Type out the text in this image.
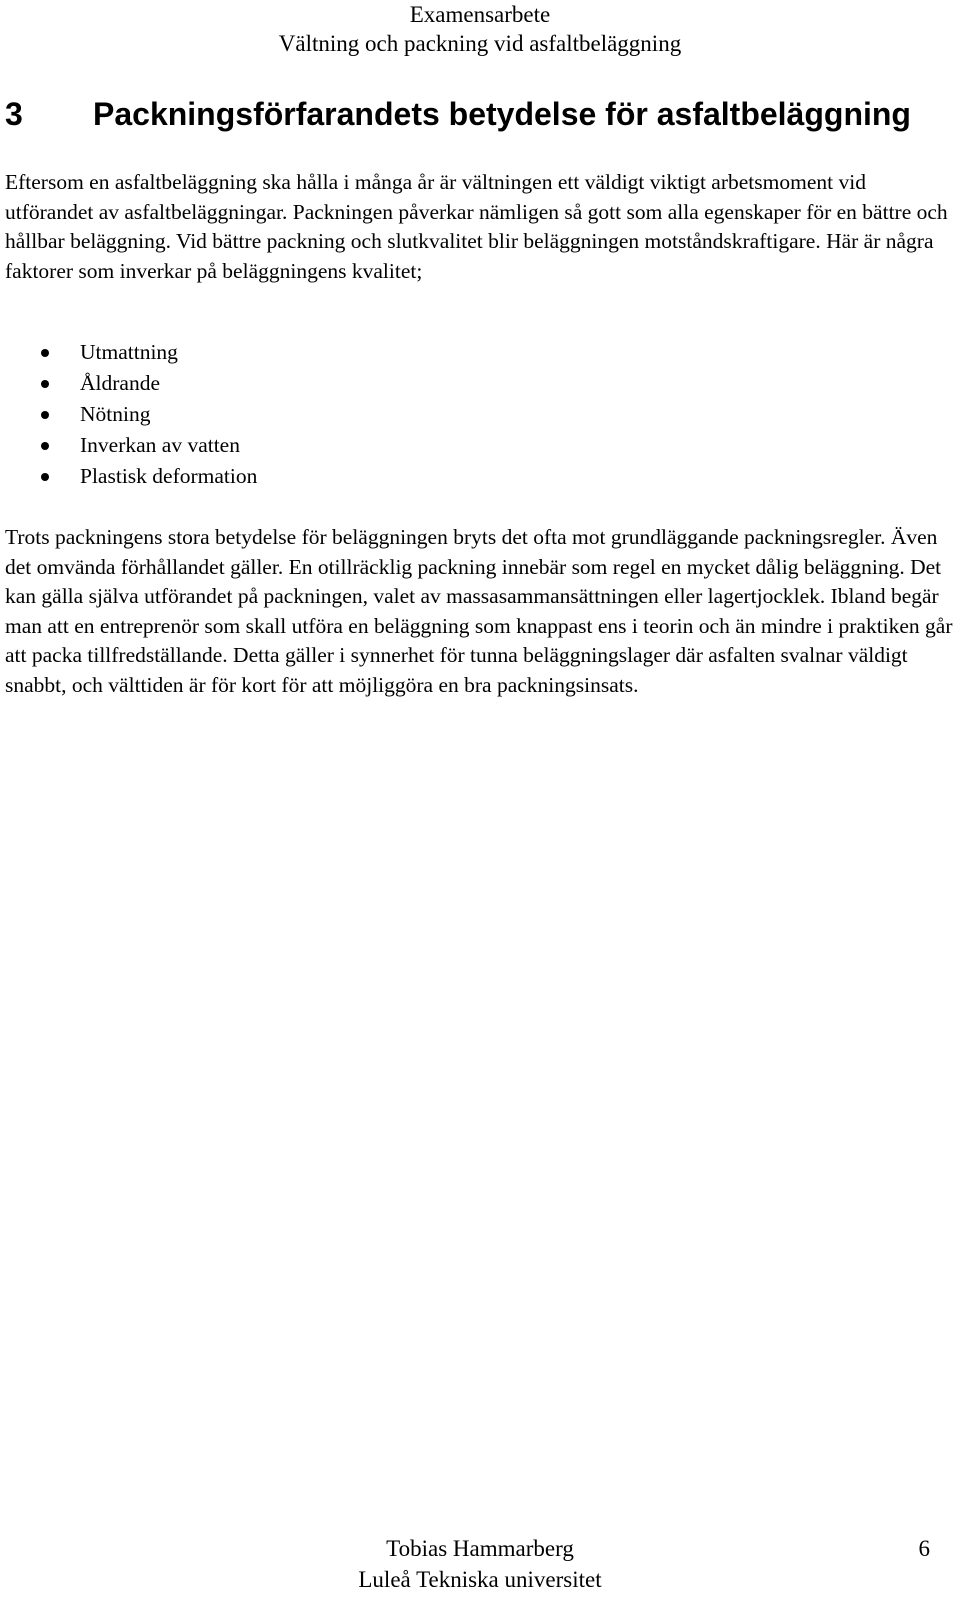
Examensarbete
Vältning och packning vid asfaltbeläggning
3 Packningsförfarandets betydelse för asfaltbeläggning

Eftersom en asfaltbeläggning ska hålla i många år är vältningen ett väldigt viktigt arbetsmoment vid utförandet av asfaltbeläggningar. Packningen påverkar nämligen så gott som alla egenskaper för en bättre och hållbar beläggning. Vid bättre packning och slutkvalitet blir beläggningen motståndskraftigare. Här är några faktorer som inverkar på beläggningens kvalitet;

Utmattning
Åldrande
Nötning
Inverkan av vatten
Plastisk deformation

Trots packningens stora betydelse för beläggningen bryts det ofta mot grundläggande packningsregler. Även det omvända förhållandet gäller. En otillräcklig packning innebär som regel en mycket dålig beläggning. Det kan gälla själva utförandet på packningen, valet av massasammansättningen eller lagertjocklek. Ibland begär man att en entreprenör som skall utföra en beläggning som knappast ens i teorin och än mindre i praktiken går att packa tillfredställande. Detta gäller i synnerhet för tunna beläggningslager där asfalten svalnar väldigt snabbt, och välttiden är för kort för att möjliggöra en bra packningsinsats.

Tobias Hammarberg
Luleå Tekniska universitet
6
